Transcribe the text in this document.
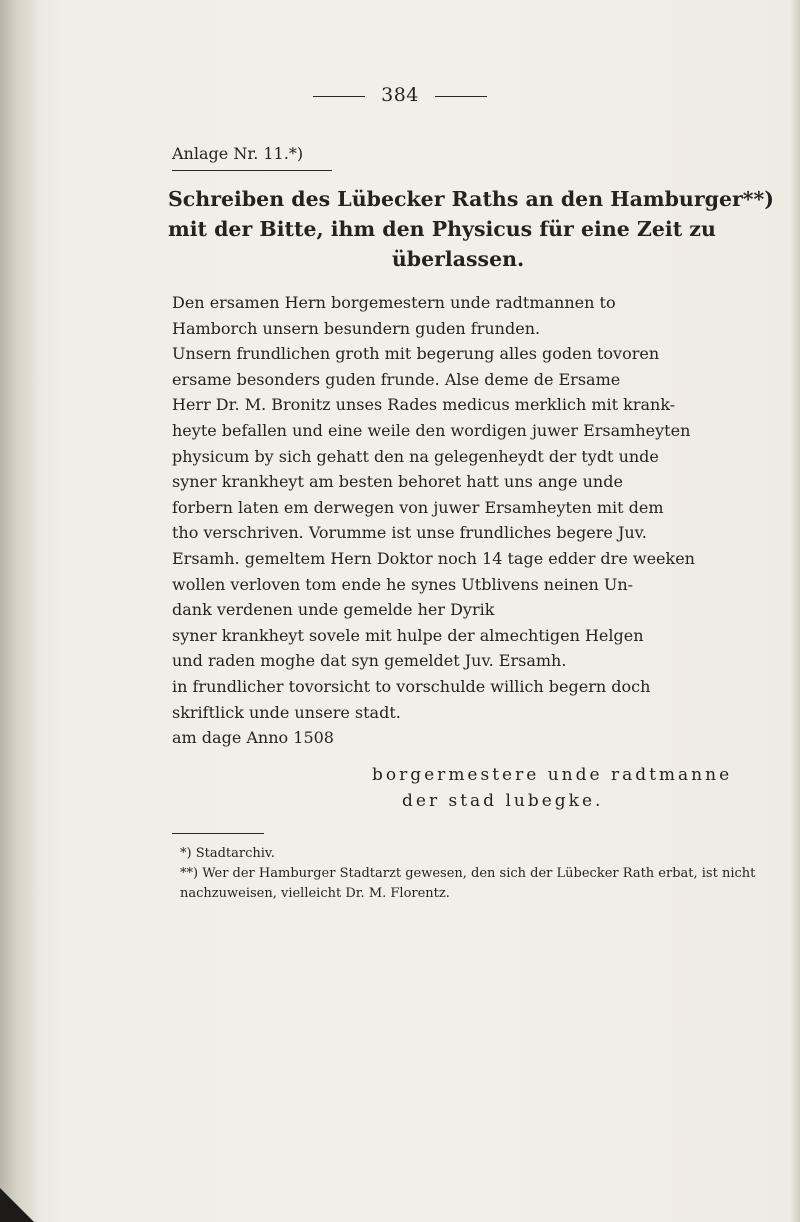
384
Anlage Nr. 11.*)
Schreiben des Lübecker Raths an den Hamburger**)
mit der Bitte, ihm den Physicus für eine Zeit zu
überlassen.
Den ersamen Hern borgemestern unde radtmannen to
Hamborch unsern besundern guden frunden.
Unsern frundlichen groth mit begerung alles goden tovoren
ersame besonders guden frunde. Alse deme de Ersame
Herr Dr. M. Bronitz unses Rades medicus merklich mit krank-
heyte befallen und eine weile den wordigen juwer Ersamheyten
physicum by sich gehatt den na gelegenheydt der tydt unde
syner krankheyt am besten behoret hatt uns ange unde
forbern laten em derwegen von juwer Ersamheyten mit dem
tho verschriven. Vorumme ist unse frundliches begere Juv.
Ersamh. gemeltem Hern Doktor noch 14 tage edder dre weeken
wollen verloven tom ende he synes Utblivens neinen Un-
dank verdenen unde gemelde her Dyrik
syner krankheyt sovele mit hulpe der almechtigen Helgen
und raden moghe dat syn gemeldet Juv. Ersamh.
in frundlicher tovorsicht to vorschulde willich begern doch
skriftlick unde unsere stadt.
am dage Anno 1508
borgermestere unde radtmanne
der stad lubegke.
*) Stadtarchiv.
**) Wer der Hamburger Stadtarzt gewesen, den sich der Lübecker Rath erbat, ist nicht nachzuweisen, vielleicht Dr. M. Florentz.
